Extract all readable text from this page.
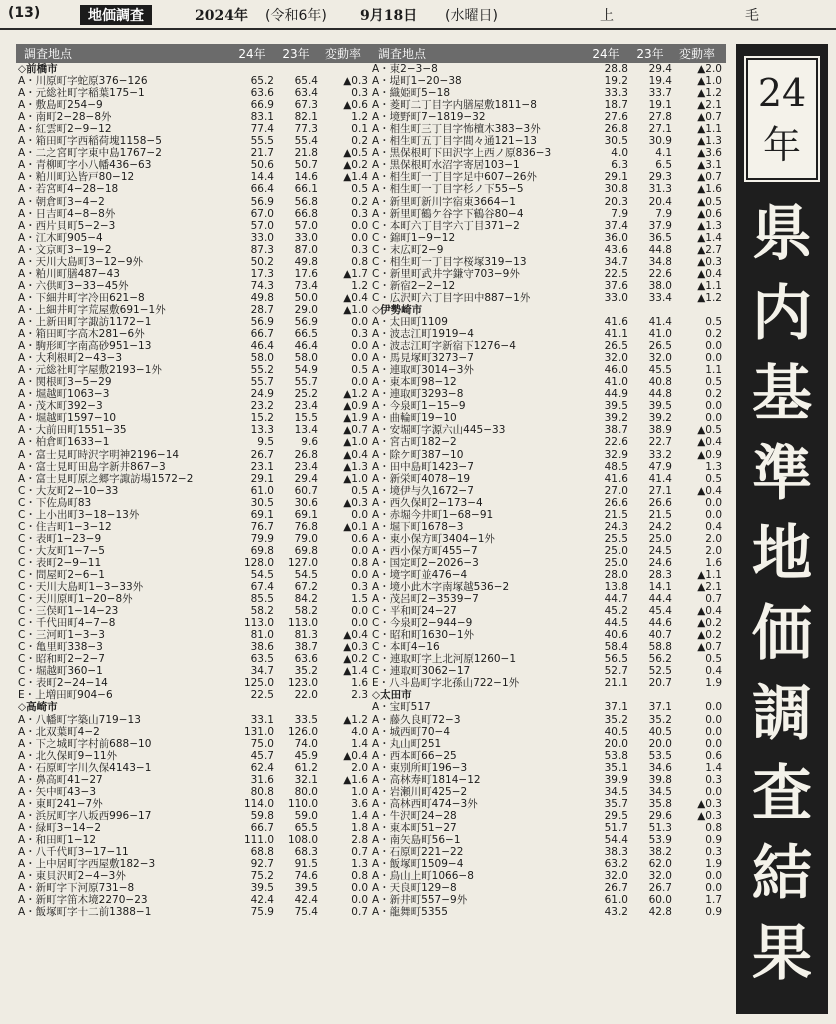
(13)	地価調査	2024年 (令和6年) 9月18日 (水曜日)	上	毛
調査地点	24年	23年	変動率
◇前橋市
A・川原町字蛇原376−126	65.2	65.4	▲0.3
A・元総社町字稲葉175−1	63.6	63.4	0.3
A・敷島町254−9	66.9	67.3	▲0.6
A・南町2−28−8外	83.1	82.1	1.2
A・紅雲町2−9−12	77.4	77.3	0.1
A・箱田町字西稲荷塊1158−5	55.5	55.4	0.2
A・二之宮町字東中島1767−2	21.7	21.8	▲0.5
A・青柳町字小八幡436−63	50.6	50.7	▲0.2
A・粕川町込皆戸80−12	14.4	14.6	▲1.4
A・若宮町4−28−18	66.4	66.1	0.5
A・朝倉町3−4−2	56.9	56.8	0.2
A・日吉町4−8−8外	67.0	66.8	0.3
A・西片貝町5−2−3	57.0	57.0	0.0
A・江木町905−4	33.0	33.0	0.0
A・文京町3−19−2	87.3	87.0	0.3
A・天川大島町3−12−9外	50.2	49.8	0.8
A・粕川町膳487−43	17.3	17.6	▲1.7
A・六供町3−33−45外	74.3	73.4	1.2
A・下細井町字冷田621−8	49.8	50.0	▲0.4
A・上細井町字荒屋敷691−1外	28.7	29.0	▲1.0
A・上新田町字諏訪1172−1	56.9	56.9	0.0
A・箱田町字高木281−6外	66.7	66.5	0.3
A・駒形町字南高砂951−13	46.4	46.4	0.0
A・大利根町2−43−3	58.0	58.0	0.0
A・元総社町字屋敷2193−1外	55.2	54.9	0.5
A・関根町3−5−29	55.7	55.7	0.0
A・堀越町1063−3	24.9	25.2	▲1.2
A・茂木町392−3	23.2	23.4	▲0.9
A・堀越町1597−10	15.2	15.5	▲1.9
A・大前田町1551−35	13.3	13.4	▲0.7
A・柏倉町1633−1	9.5	9.6	▲1.0
A・富士見町時沢字明神2196−14	26.7	26.8	▲0.4
A・富士見町田島字新井867−3	23.1	23.4	▲1.3
A・富士見町原之郷字諏訪場1572−2	29.1	29.4	▲1.0
C・大友町2−10−33	61.0	60.7	0.5
C・下佐鳥町83	30.5	30.6	▲0.3
C・上小出町3−18−13外	69.1	69.1	0.0
C・住吉町1−3−12	76.7	76.8	▲0.1
C・表町1−23−9	79.9	79.0	0.6
C・大友町1−7−5	69.8	69.8	0.0
C・表町2−9−11	128.0	127.0	0.8
C・問屋町2−6−1	54.5	54.5	0.0
C・天川大島町1−3−33外	67.4	67.2	0.3
C・天川原町1−20−8外	85.5	84.2	1.5
C・三俣町1−14−23	58.2	58.2	0.0
C・千代田町4−7−8	113.0	113.0	0.0
C・三河町1−3−3	81.0	81.3	▲0.4
C・亀里町338−3	38.6	38.7	▲0.3
C・昭和町2−2−7	63.5	63.6	▲0.2
C・堀越町360−1	34.7	35.2	▲1.4
C・表町2−24−14	125.0	123.0	1.6
E・上増田町904−6	22.5	22.0	2.3
◇高崎市
A・八幡町字築山719−13	33.1	33.5	▲1.2
A・北双葉町4−2	131.0	126.0	4.0
A・下之城町字村前688−10	75.0	74.0	1.4
A・北久保町9−11外	45.7	45.9	▲0.4
A・石原町字川久保4143−1	62.4	61.2	2.0
A・鼻高町41−27	31.6	32.1	▲1.6
A・矢中町43−3	80.8	80.0	1.0
A・東町241−7外	114.0	110.0	3.6
A・浜尻町字八坂西996−17	59.8	59.0	1.4
A・緑町3−14−2	66.7	65.5	1.8
A・和田町1−12	111.0	108.0	2.8
A・八千代町3−17−11	68.8	68.3	0.7
A・上中居町字西屋敷182−3	92.7	91.5	1.3
A・東貝沢町2−4−3外	75.2	74.6	0.8
A・新町字下河原731−8	39.5	39.5	0.0
A・新町字笛木境2270−23	42.4	42.4	0.0
A・飯塚町字十二前1388−1	75.9	75.4	0.7
調査地点	24年	23年	変動率
A・東2−3−8	28.8	29.4	▲2.0
A・堤町1−20−38	19.2	19.4	▲1.0
A・織姫町5−18	33.3	33.7	▲1.2
A・菱町二丁目字内膳屋敷1811−8	18.7	19.1	▲2.1
A・境野町7−1819−32	27.6	27.8	▲0.7
A・相生町三丁目字怖檀木383−3外	26.8	27.1	▲1.1
A・相生町五丁目字間々通121−13	30.5	30.9	▲1.3
A・黒保根町下田沢字上西ノ原836−3	4.0	4.1	▲3.6
A・黒保根町水沼字寄居103−1	6.3	6.5	▲3.1
A・相生町一丁目字足中607−26外	29.1	29.3	▲0.7
A・相生町一丁目字杉ノ下55−5	30.8	31.3	▲1.6
A・新里町新川字宿東3664−1	20.3	20.4	▲0.5
A・新里町鶴ケ谷字下鶴谷80−4	7.9	7.9	▲0.6
C・本町六丁目字六丁目371−2	37.4	37.9	▲1.3
C・錦町1−9−12	36.0	36.5	▲1.4
C・末広町2−9	43.6	44.8	▲2.7
C・相生町一丁目字桜塚319−13	34.7	34.8	▲0.3
C・新里町武井字鎌守703−9外	22.5	22.6	▲0.4
C・新宿2−2−12	37.6	38.0	▲1.1
C・広沢町六丁目字田中887−1外	33.0	33.4	▲1.2
◇伊勢崎市
A・太田町1109	41.6	41.4	0.5
A・波志江町1919−4	41.1	41.0	0.2
A・波志江町字新宿下1276−4	26.5	26.5	0.0
A・馬見塚町3273−7	32.0	32.0	0.0
A・連取町3014−3外	46.0	45.5	1.1
A・東本町98−12	41.0	40.8	0.5
A・連取町3293−8	44.9	44.8	0.2
A・今泉町1−15−9	39.5	39.5	0.0
A・曲輪町19−10	39.2	39.2	0.0
A・安堀町字源六山445−33	38.7	38.9	▲0.5
A・宮古町182−2	22.6	22.7	▲0.4
A・除ケ町387−10	32.9	33.2	▲0.9
A・田中島町1423−7	48.5	47.9	1.3
A・新栄町4078−19	41.6	41.4	0.5
A・境伊与久1672−7	27.0	27.1	▲0.4
A・西久保町2−173−4	26.6	26.6	0.0
A・赤堀今井町1−68−91	21.5	21.5	0.0
A・堀下町1678−3	24.3	24.2	0.4
A・東小保方町3404−1外	25.5	25.0	2.0
A・西小保方町455−7	25.0	24.5	2.0
A・国定町2−2026−3	25.0	24.6	1.6
A・境字町並476−4	28.0	28.3	▲1.1
A・境小此木字南塚越536−2	13.8	14.1	▲2.1
A・茂呂町2−3539−7	44.7	44.4	0.7
C・平和町24−27	45.2	45.4	▲0.4
C・今泉町2−944−9	44.5	44.6	▲0.2
C・昭和町1630−1外	40.6	40.7	▲0.2
C・本町4−16	58.4	58.8	▲0.7
C・連取町字上北河原1260−1	56.5	56.2	0.5
C・連取町3062−17	52.7	52.5	0.4
E・八斗島町字北孫山722−1外	21.1	20.7	1.9
◇太田市
A・宝町517	37.1	37.1	0.0
A・藤久良町72−3	35.2	35.2	0.0
A・城西町70−4	40.5	40.5	0.0
A・丸山町251	20.0	20.0	0.0
A・西本町66−25	53.8	53.5	0.6
A・東別所町196−3	35.1	34.6	1.4
A・高林寿町1814−12	39.9	39.8	0.3
A・岩瀬川町425−2	34.5	34.5	0.0
A・高林西町474−3外	35.7	35.8	▲0.3
A・牛沢町24−28	29.5	29.6	▲0.3
A・東本町51−27	51.7	51.3	0.8
A・南矢島町56−1	54.4	53.9	0.9
A・石原町221−22	38.3	38.2	0.3
A・飯塚町1509−4	63.2	62.0	1.9
A・鳥山上町1066−8	32.0	32.0	0.0
A・天良町129−8	26.7	26.7	0.0
A・新井町557−9外	61.0	60.0	1.7
A・龍舞町5355	43.2	42.8	0.9
24
年
県内基準地価調査結果
